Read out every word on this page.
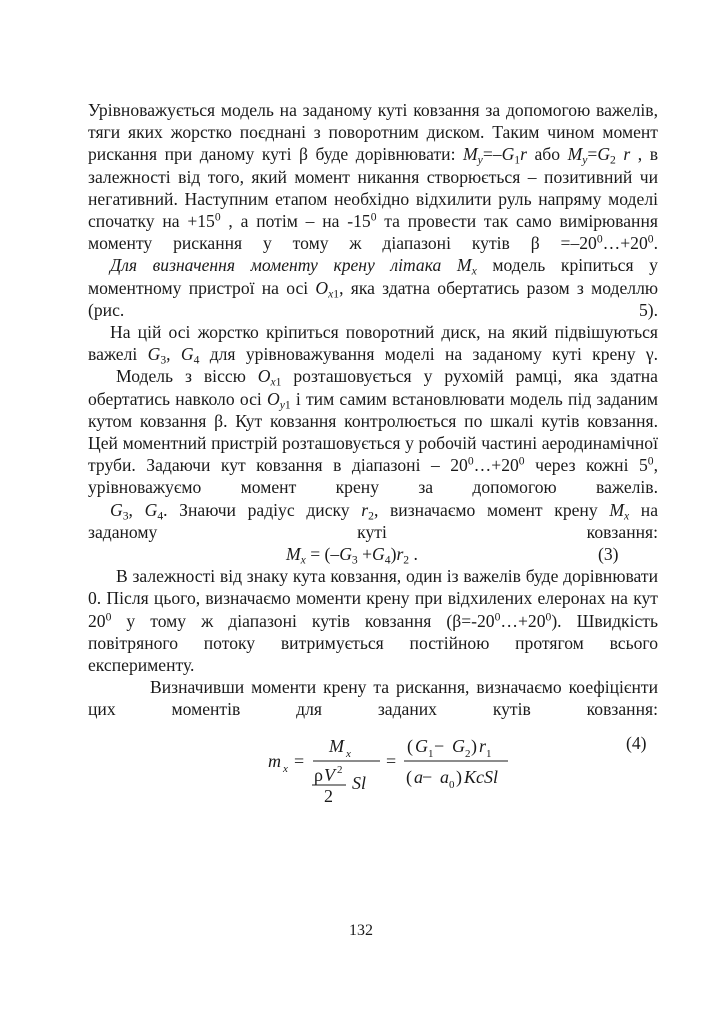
Урівноважується модель на заданому куті ковзання за допомогою важелів, тяги яких жорстко поєднані з поворотним диском. Таким чином момент рискання при даному куті β буде дорівнювати: $M_y=-G_1r$ або $M_y=G_2$ r , в залежності від того, який момент никання створюється – позитивний чи негативний. Наступним етапом необхідно відхилити руль напряму моделі спочатку на $+15^0$ , а потім – на $-15^0$ та провести так само вимірювання моменту рискання у тому ж діапазоні кутів $\beta =-20^0\dots+20^0$.

Для визначення моменту крену літака $M_x$ модель кріпиться у моментному пристрої на осі $O_{x1}$, яка здатна обертатись разом з моделлю (рис. 5).

На цій осі жорстко кріпиться поворотний диск, на який підвішуються важелі $G_3$, $G_4$ для урівноважування моделі на заданому куті крену γ.

Модель з віссю $O_{x1}$ розташовується у рухомій рамці, яка здатна обертатись навколо осі $O_{y1}$ і тим самим встановлювати модель під заданим кутом ковзання β. Кут ковзання контролюється по шкалі кутів ковзання. Цей моментний пристрій розташовується у робочій частині аеродинамічної труби. Задаючи кут ковзання в діапазоні – $20^0\dots+20^0$ через кожні $5^0$, урівноважуємо момент крену за допомогою важелів.

$G_3$, $G_4$. Знаючи радіус диску $r_2$, визначаємо момент крену $M_x$ на заданому куті ковзання:

$M_x = (-G_3 +G_4)r_2$ .	(3)

В залежності від знаку кута ковзання, один із важелів буде дорівнювати 0. Після цього, визначаємо моменти крену при відхилених елеронах на кут $20^0$ у тому ж діапазоні кутів ковзання $(\beta=-20^0\dots+20^0)$. Швидкість повітряного потоку витримується постійною протягом всього експерименту.

Визначивши моменти крену та рискання, визначаємо коефіцієнти цих моментів для заданих кутів ковзання:

m x =
M x
ρ V 2
2
Sl
=
( G 1 − G 2 ) r 1
( a − a 0 ) KcSl
(4)
132
